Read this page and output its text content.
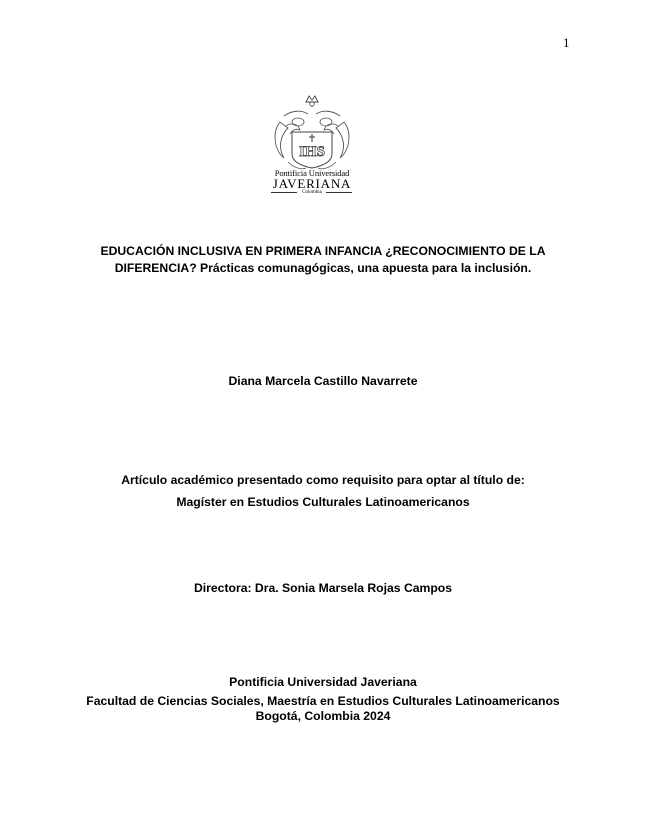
1
IHS
Pontificia Universidad
JAVERIANA
Colombia
EDUCACIÓN INCLUSIVA EN PRIMERA INFANCIA ¿RECONOCIMIENTO DE LA
DIFERENCIA? Prácticas comunagógicas, una apuesta para la inclusión.
Diana Marcela Castillo Navarrete
Artículo académico presentado como requisito para optar al título de:
Magíster en Estudios Culturales Latinoamericanos
Directora: Dra. Sonia Marsela Rojas Campos
Pontificia Universidad Javeriana
Facultad de Ciencias Sociales, Maestría en Estudios Culturales Latinoamericanos
Bogotá, Colombia 2024
